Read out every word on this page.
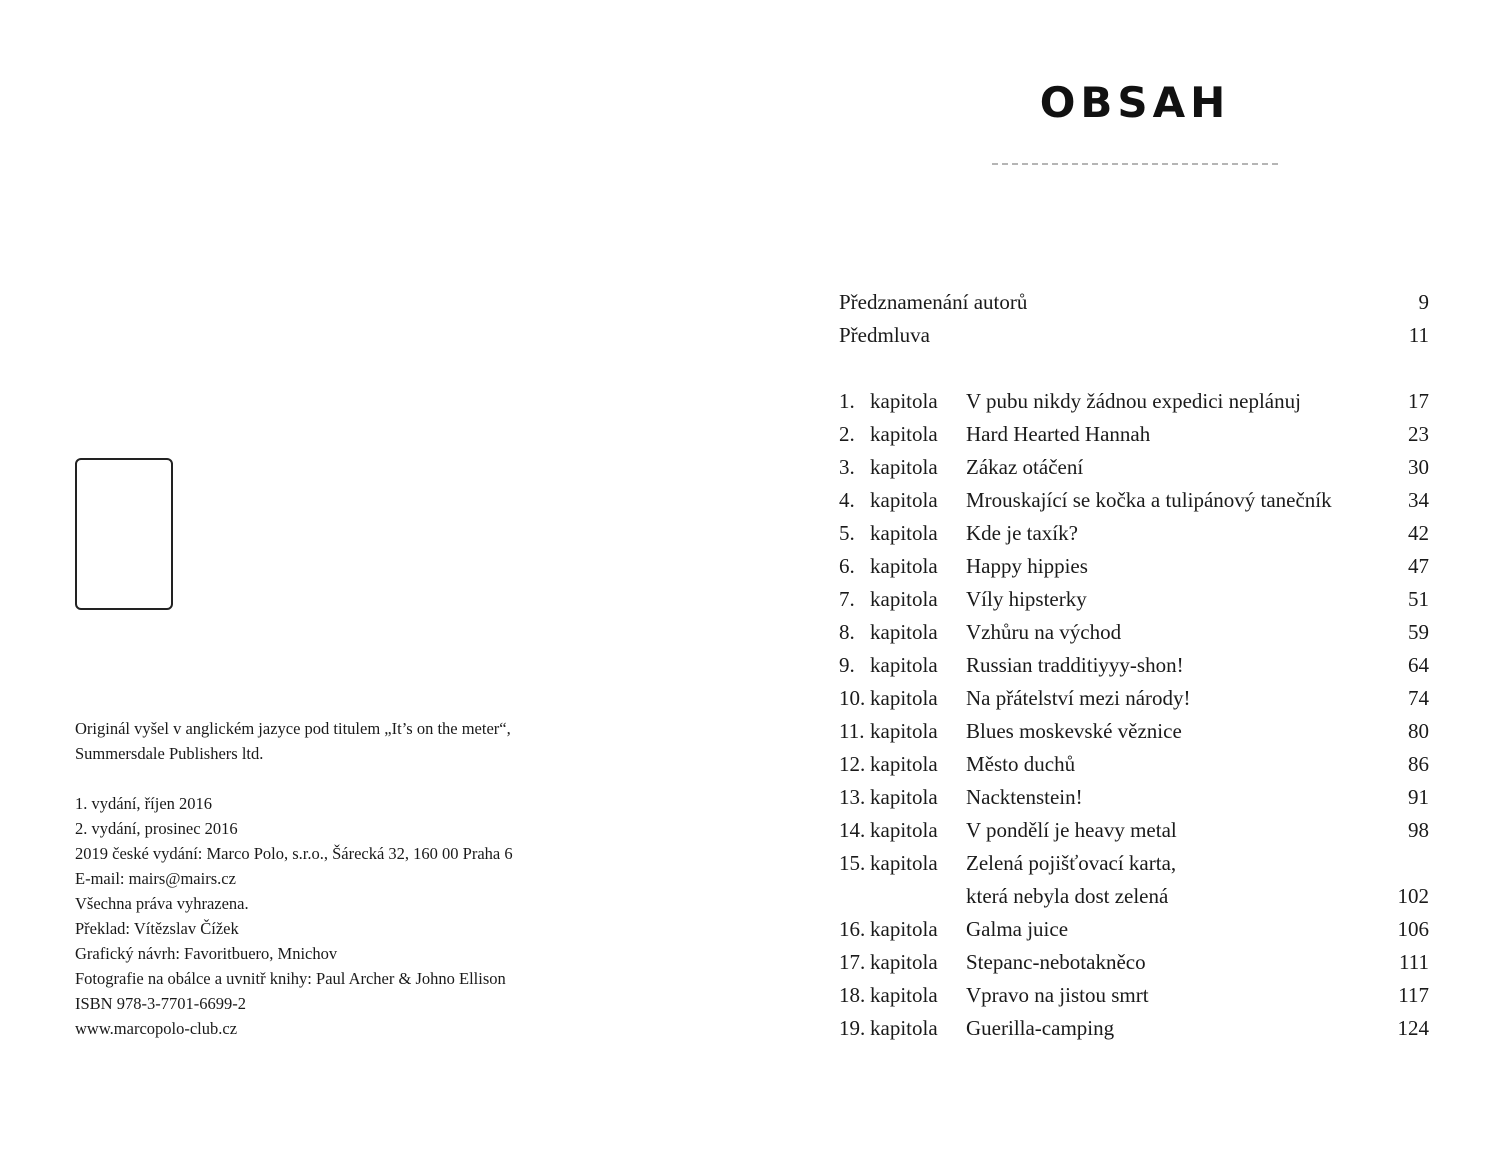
Originál vyšel v anglickém jazyce pod titulem „It’s on the meter“,
Summersdale Publishers ltd.
1. vydání, říjen 2016
2. vydání, prosinec 2016
2019 české vydání: Marco Polo, s.r.o., Šárecká 32, 160 00 Praha 6
E-mail: mairs@mairs.cz
Všechna práva vyhrazena.
Překlad: Vítězslav Čížek
Grafický návrh: Favoritbuero, Mnichov
Fotografie na obálce a uvnitř knihy: Paul Archer & Johno Ellison
ISBN 978-3-7701-6699-2
www.marcopolo-club.cz
OBSAH
Předznamenání autorů	9
Předmluva	11
1. kapitola	V pubu nikdy žádnou expedici neplánuj	17
2. kapitola	Hard Hearted Hannah	23
3. kapitola	Zákaz otáčení	30
4. kapitola	Mrouskající se kočka a tulipánový tanečník	34
5. kapitola	Kde je taxík?	42
6. kapitola	Happy hippies	47
7. kapitola	Víly hipsterky	51
8. kapitola	Vzhůru na východ	59
9. kapitola	Russian tradditiyyy-shon!	64
10. kapitola	Na přátelství mezi národy!	74
11. kapitola	Blues moskevské věznice	80
12. kapitola	Město duchů	86
13. kapitola	Nacktenstein!	91
14. kapitola	V pondělí je heavy metal	98
15. kapitola	Zelená pojišťovací karta,
která nebyla dost zelená	102
16. kapitola	Galma juice	106
17. kapitola	Stepanc-nebotakněco	111
18. kapitola	Vpravo na jistou smrt	117
19. kapitola	Guerilla-camping	124
